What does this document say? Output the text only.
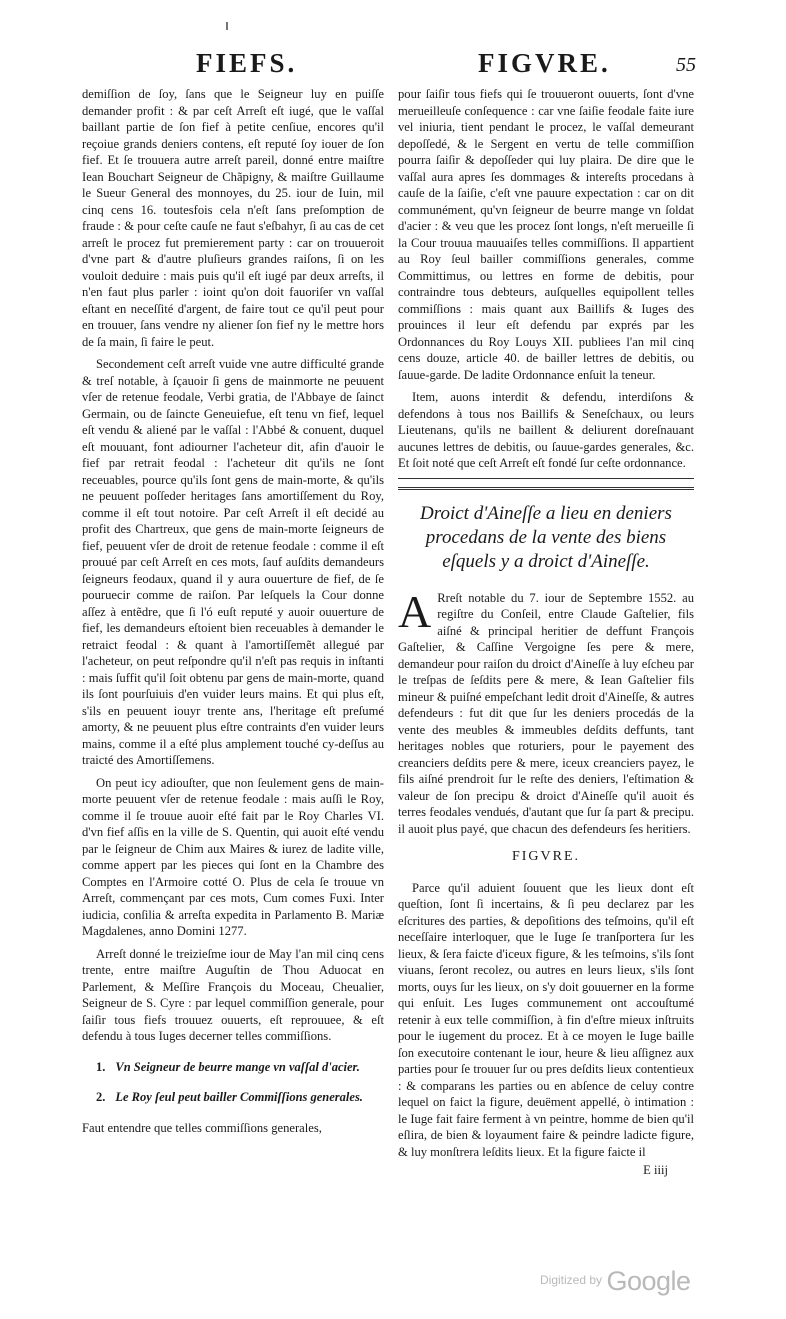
FIEFS.	FIGVRE.	55

demiſſion de ſoy, ſans que le Seigneur luy en puiſſe demander profit : & par ceſt Arreſt eſt iugé, que le vaſſal baillant partie de ſon fief à petite cenſiue, encores qu'il reçoiue grands deniers contens, eſt reputé ſoy iouer de ſon fief. Et ſe trouuera autre arreſt pareil, donné entre maiſtre Iean Bouchart Seigneur de Chãpigny, & maiſtre Guillaume le Sueur General des monnoyes, du 25. iour de Iuin, mil cinq cens 16. toutesfois cela n'eſt ſans preſomption de fraude : & pour ceſte cauſe ne faut s'eſbahyr, ſi au cas de cet arreſt le procez fut premierement party : car on trouueroit d'vne part & d'autre pluſieurs grandes raiſons, ſi on les vouloit deduire : mais puis qu'il eſt iugé par deux arreſts, il n'en faut plus parler : ioint qu'on doit fauoriſer vn vaſſal eſtant en neceſſité d'argent, de faire tout ce qu'il peut pour en trouuer, ſans vendre ny aliener ſon fief ny le mettre hors de ſa main, ſi faire le peut.

Secondement ceſt arreſt vuide vne autre difficulté grande & treſ notable, à ſçauoir ſi gens de mainmorte ne peuuent vſer de retenue feodale, Verbi gratia, de l'Abbaye de ſainct Germain, ou de ſaincte Geneuiefue, eſt tenu vn fief, lequel eſt vendu & aliené par le vaſſal : l'Abbé & conuent, duquel eſt mouuant, font adiourner l'acheteur dit, afin d'auoir le fief par retrait feodal : l'acheteur dit qu'ils ne ſont receuables, pource qu'ils ſont gens de main-morte, & qu'ils ne peuuent poſſeder heritages ſans amortiſſement du Roy, comme il eſt tout notoire. Par ceſt Arreſt il eſt decidé au profit des Chartreux, que gens de main-morte ſeigneurs de fief, peuuent vſer de droit de retenue feodale : comme il eſt prouué par ceſt Arreſt en ces mots, ſauf auſdits demandeurs ſeigneurs feodaux, quand il y aura ouuerture de fief, de ſe pouruecir comme de raiſon. Par leſquels la Cour donne aſſez à entẽdre, que ſi l'ó euſt reputé y auoir ouuerture de fief, les demandeurs eſtoient bien receuables à demander le retraict feodal : & quant à l'amortiſſemẽt allegué par l'acheteur, on peut reſpondre qu'il n'eſt pas requis in inſtanti : mais ſuffit qu'il ſoit obtenu par gens de main-morte, quand ils ſont pourſuiuis d'en vuider leurs mains. Et qui plus eſt, s'ils en peuuent iouyr trente ans, l'heritage eſt preſumé amorty, & ne peuuent plus eſtre contraints d'en vuider leurs mains, comme il a eſté plus amplement touché cy-deſſus au traicté des Amortiſſemens.

On peut icy adiouſter, que non ſeulement gens de main-morte peuuent vſer de retenue feodale : mais auſſi le Roy, comme il ſe trouue auoir eſté fait par le Roy Charles VI. d'vn fief aſſis en la ville de S. Quentin, qui auoit eſté vendu par le ſeigneur de Chim aux Maires & iurez de ladite ville, comme appert par les pieces qui ſont en la Chambre des Comptes en l'Armoire cotté O. Plus de cela ſe trouue vn Arreſt, commençant par ces mots, Cum comes Fuxi. Inter iudicia, conſilia & arreſta expedita in Parlamento B. Mariæ Magdalenes, anno Domini 1277.

Arreſt donné le treizieſme iour de May l'an mil cinq cens trente, entre maiſtre Auguſtin de Thou Aduocat en Parlement, & Meſſire François du Moceau, Cheualier, Seigneur de S. Cyre : par lequel commiſſion generale, pour ſaiſir tous fiefs trouuez ouuerts, eſt reprouuee, & eſt defendu à tous Iuges decerner telles commiſſions.

1. Vn Seigneur de beurre mange vn vaſſal d'acier.

2. Le Roy ſeul peut bailler Commiſſions generales.

Faut entendre que telles commiſſions generales,

pour ſaiſir tous fiefs qui ſe trouueront ouuerts, ſont d'vne merueilleuſe conſequence : car vne ſaiſie feodale faite iure vel iniuria, tient pendant le procez, le vaſſal demeurant depoſſedé, & le Sergent en vertu de telle commiſſion pourra ſaiſir & depoſſeder qui luy plaira. De dire que le vaſſal aura apres ſes dommages & intereſts procedans à cauſe de la ſaiſie, c'eſt vne pauure expectation : car on dit communément, qu'vn ſeigneur de beurre mange vn ſoldat d'acier : & veu que les procez ſont longs, n'eſt merueille ſi la Cour trouua mauuaiſes telles commiſſions. Il appartient au Roy ſeul bailler commiſſions generales, comme Committimus, ou lettres en forme de debitis, pour contraindre tous debteurs, auſquelles equipollent telles commiſſions : mais quant aux Baillifs & Iuges des prouinces il leur eſt defendu par exprés par les Ordonnances du Roy Louys XII. publiees l'an mil cinq cens douze, article 40. de bailler lettres de debitis, ou ſauue-garde. De ladite Ordonnance enſuit la teneur.

Item, auons interdit & defendu, interdiſons & defendons à tous nos Baillifs & Seneſchaux, ou leurs Lieutenans, qu'ils ne baillent & deliurent doreſnauant aucunes lettres de debitis, ou ſauue-gardes generales, &c. Et ſoit noté que ceſt Arreſt eſt fondé ſur ceſte ordonnance.

Droict d'Aineſſe a lieu en deniers procedans de la vente des biens eſquels y a droict d'Aineſſe.

A Rreſt notable du 7. iour de Septembre 1552. au regiſtre du Conſeil, entre Claude Gaſtelier, fils aiſné & principal heritier de deffunt François Gaſtelier, & Caſſine Vergoigne ſes pere & mere, demandeur pour raiſon du droict d'Aineſſe à luy eſcheu par le treſpas de ſeſdits pere & mere, & Iean Gaſtelier fils mineur & puiſné empeſchant ledit droit d'Aineſſe, & autres defendeurs : fut dit que ſur les deniers procedás de la vente des meubles & immeubles deſdits deffunts, tant heritages nobles que roturiers, pour le payement des creanciers deſdits pere & mere, iceux creanciers payez, le fils aiſné prendroit ſur le reſte des deniers, l'eſtimation & valeur de ſon precipu & droict d'Aineſſe qu'il auoit és terres feodales vendués, d'autant que ſur ſa part & precipu. il auoit plus payé, que chacun des defendeurs ſes heritiers.

FIGVRE.

Parce qu'il aduient ſouuent que les lieux dont eſt queſtion, ſont ſi incertains, & ſi peu declarez par les eſcritures des parties, & depoſitions des teſmoins, qu'il eſt neceſſaire interloquer, que le Iuge ſe tranſportera ſur les lieux, & ſera faicte d'iceux figure, & les teſmoins, s'ils ſont viuans, ſeront recolez, ou autres en leurs lieux, s'ils ſont morts, ouys ſur les lieux, on s'y doit gouuerner en la forme qui enſuit. Les Iuges communement ont accouſtumé retenir à eux telle commiſſion, à fin d'eſtre mieux inſtruits pour le iugement du procez. Et à ce moyen le Iuge baille ſon executoire contenant le iour, heure & lieu aſſignez aux parties pour ſe trouuer ſur ou pres deſdits lieux contentieux : & comparans les parties ou en abſence de celuy contre lequel on faict la figure, deuëment appellé, ò intimation : le Iuge fait faire ferment à vn peintre, homme de bien qu'il eſlira, de bien & loyaument faire & peindre ladicte figure, & luy monſtrera leſdits lieux. Et la figure faicte il

E iiij

$^{Digitized by}$ Google
